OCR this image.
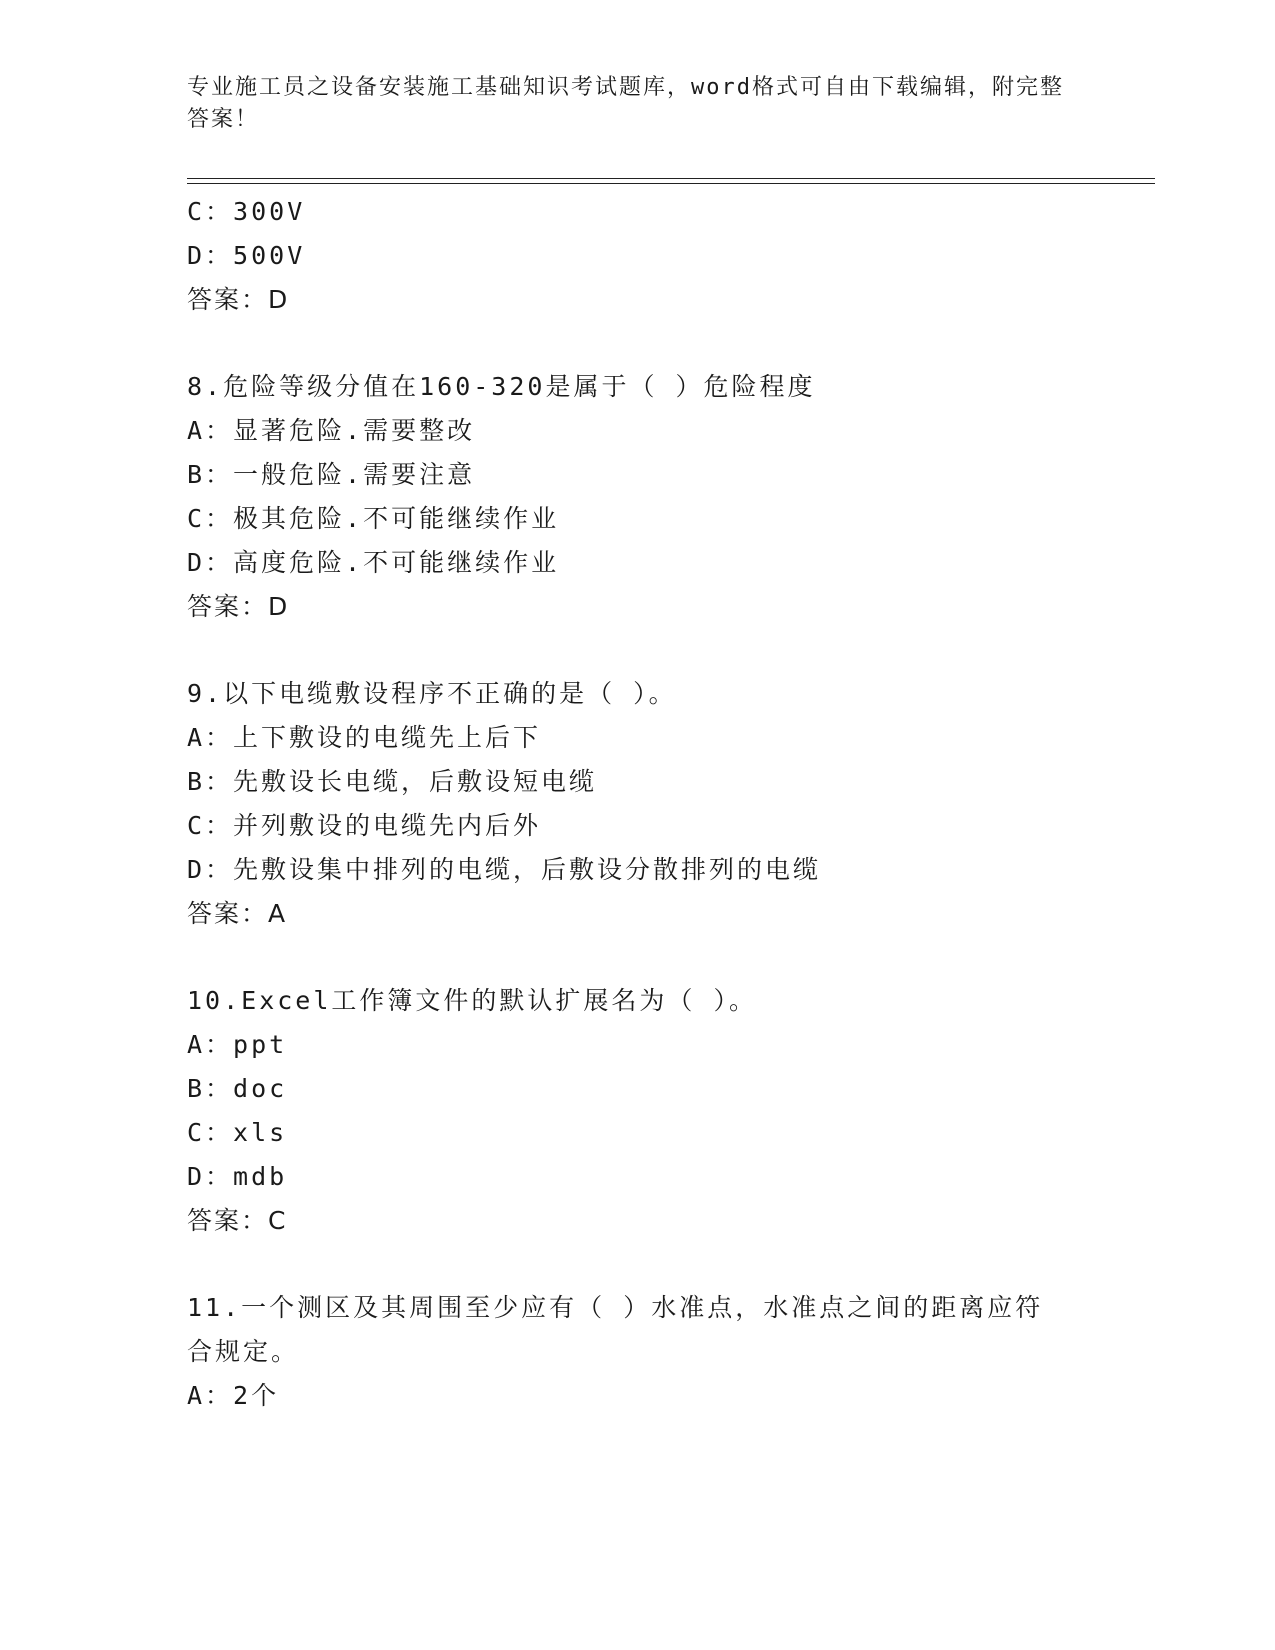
专业施工员之设备安装施工基础知识考试题库，word格式可自由下载编辑，附完整答案！
C：300V
D：500V
答案：D
8.危险等级分值在160-320是属于（ ）危险程度
A：显著危险.需要整改
B：一般危险.需要注意
C：极其危险.不可能继续作业
D：高度危险.不可能继续作业
答案：D
9.以下电缆敷设程序不正确的是（ ）。
A：上下敷设的电缆先上后下
B：先敷设长电缆，后敷设短电缆
C：并列敷设的电缆先内后外
D：先敷设集中排列的电缆，后敷设分散排列的电缆
答案：A
10.Excel工作簿文件的默认扩展名为（ ）。
A：ppt
B：doc
C：xls
D：mdb
答案：C
11.一个测区及其周围至少应有（ ）水准点，水准点之间的距离应符
合规定。
A：2个
